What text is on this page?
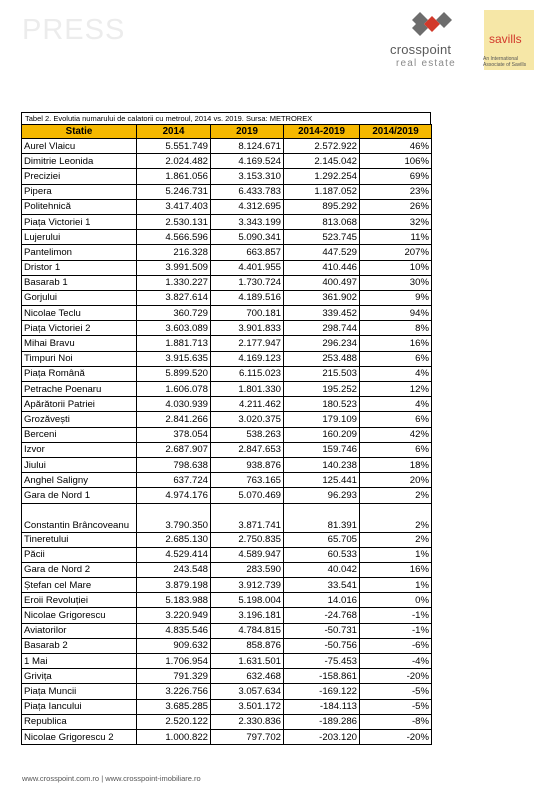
PRESS
crosspoint
real estate
savills
An International Associate of Savills
Tabel 2. Evolutia numarului de calatorii cu metroul, 2014 vs. 2019. Sursa: METROREX
Statie	2014	2019	2014-2019	2014/2019
Aurel Vlaicu	5.551.749	8.124.671	2.572.922	46%
Dimitrie Leonida	2.024.482	4.169.524	2.145.042	106%
Preciziei	1.861.056	3.153.310	1.292.254	69%
Pipera	5.246.731	6.433.783	1.187.052	23%
Politehnică	3.417.403	4.312.695	895.292	26%
Piața Victoriei 1	2.530.131	3.343.199	813.068	32%
Lujerului	4.566.596	5.090.341	523.745	11%
Pantelimon	216.328	663.857	447.529	207%
Dristor 1	3.991.509	4.401.955	410.446	10%
Basarab 1	1.330.227	1.730.724	400.497	30%
Gorjului	3.827.614	4.189.516	361.902	9%
Nicolae Teclu	360.729	700.181	339.452	94%
Piața Victoriei 2	3.603.089	3.901.833	298.744	8%
Mihai Bravu	1.881.713	2.177.947	296.234	16%
Timpuri Noi	3.915.635	4.169.123	253.488	6%
Piața Română	5.899.520	6.115.023	215.503	4%
Petrache Poenaru	1.606.078	1.801.330	195.252	12%
Apărătorii Patriei	4.030.939	4.211.462	180.523	4%
Grozăvești	2.841.266	3.020.375	179.109	6%
Berceni	378.054	538.263	160.209	42%
Izvor	2.687.907	2.847.653	159.746	6%
Jiului	798.638	938.876	140.238	18%
Anghel Saligny	637.724	763.165	125.441	20%
Gara de Nord 1	4.974.176	5.070.469	96.293	2%
Constantin Brâncoveanu	3.790.350	3.871.741	81.391	2%
Tineretului	2.685.130	2.750.835	65.705	2%
Păcii	4.529.414	4.589.947	60.533	1%
Gara de Nord 2	243.548	283.590	40.042	16%
Ștefan cel Mare	3.879.198	3.912.739	33.541	1%
Eroii Revoluției	5.183.988	5.198.004	14.016	0%
Nicolae Grigorescu	3.220.949	3.196.181	-24.768	-1%
Aviatorilor	4.835.546	4.784.815	-50.731	-1%
Basarab 2	909.632	858.876	-50.756	-6%
1 Mai	1.706.954	1.631.501	-75.453	-4%
Grivița	791.329	632.468	-158.861	-20%
Piața Muncii	3.226.756	3.057.634	-169.122	-5%
Piața Iancului	3.685.285	3.501.172	-184.113	-5%
Republica	2.520.122	2.330.836	-189.286	-8%
Nicolae Grigorescu 2	1.000.822	797.702	-203.120	-20%
www.crosspoint.com.ro | www.crosspoint-imobiliare.ro
